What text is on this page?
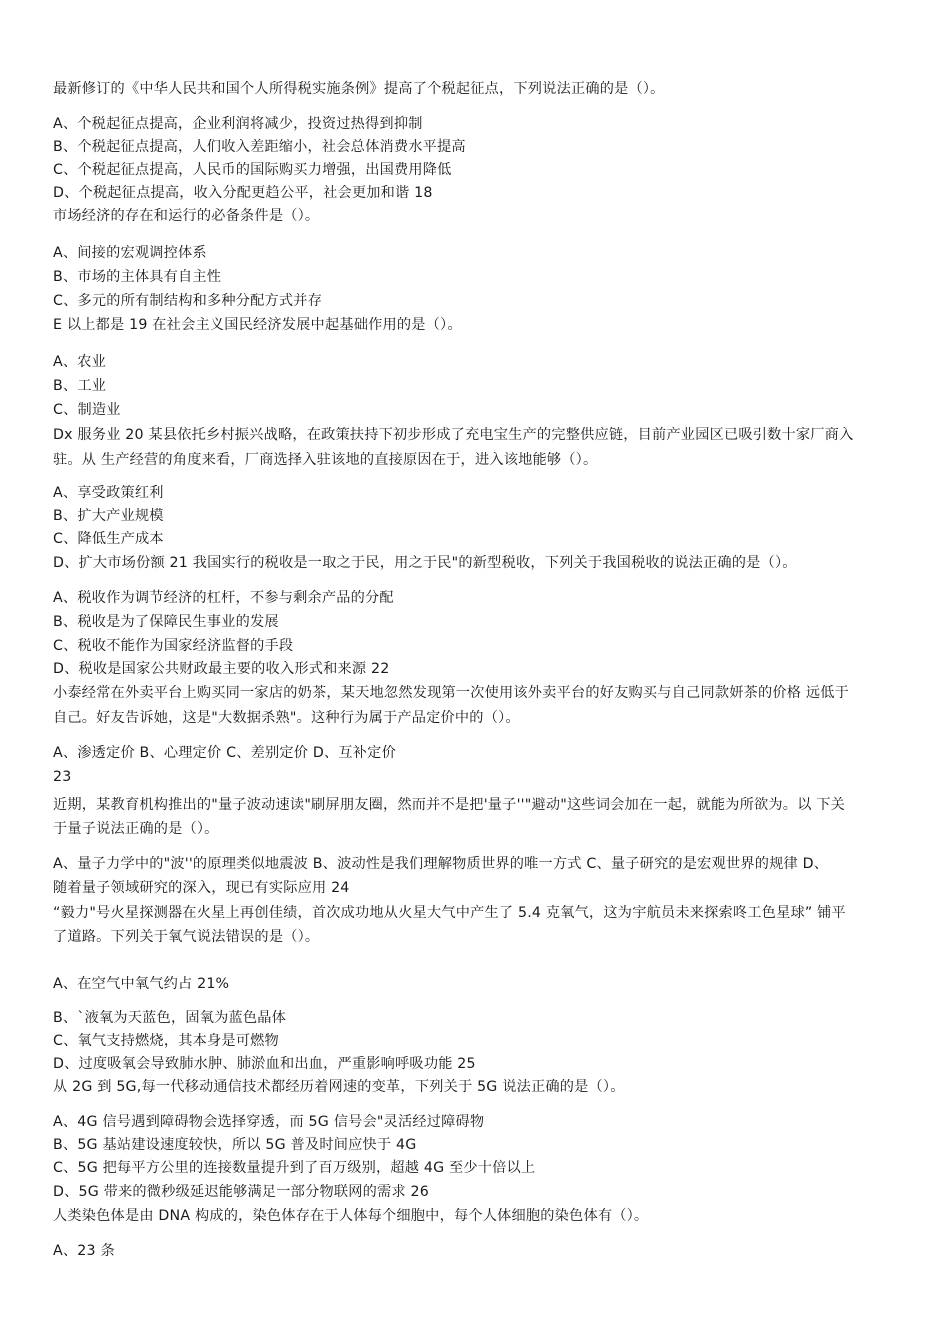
最新修订的《中华人民共和国个人所得税实施条例》提高了个税起征点，下列说法正确的是（）。
A、个税起征点提高，企业利润将减少，投资过热得到抑制
B、个税起征点提高，人们收入差距缩小，社会总体消费水平提高
C、个税起征点提高，人民币的国际购买力增强，出国费用降低
D、个税起征点提高，收入分配更趋公平，社会更加和谐 18
市场经济的存在和运行的必备条件是（）。
A、间接的宏观调控体系
B、市场的主体具有自主性
C、多元的所有制结构和多种分配方式并存
E 以上都是 19 在社会主义国民经济发展中起基础作用的是（）。
A、农业
B、工业
C、制造业
Dx 服务业 20 某县依托乡村振兴战略，在政策扶持下初步形成了充电宝生产的完整供应链，目前产业园区已吸引数十家厂商入
驻。从 生产经营的角度来看，厂商选择入驻该地的直接原因在于，进入该地能够（）。
A、享受政策红利
B、扩大产业规模
C、降低生产成本
D、扩大市场份额 21 我国实行的税收是一取之于民，用之于民"的新型税收，下列关于我国税收的说法正确的是（）。
A、税收作为调节经济的杠杆，不参与剩余产品的分配
B、税收是为了保障民生事业的发展
C、税收不能作为国家经济监督的手段
D、税收是国家公共财政最主要的收入形式和来源 22
小泰经常在外卖平台上购买同一家店的奶茶，某天地忽然发现第一次使用该外卖平台的好友购买与自己同款妍茶的价格 远低于
自己。好友告诉她，这是"大数据杀熟"。这种行为属于产品定价中的（）。
A、渗透定价 B、心理定价 C、差别定价 D、互补定价
23
近期，某教育机构推出的"量子波动速读"刷屏朋友圈，然而并不是把'量子''"避动"这些词会加在一起，就能为所欲为。以 下关
于量子说法正确的是（）。
A、量子力学中的"波''的原理类似地震波 B、波动性是我们理解物质世界的唯一方式 C、量子研究的是宏观世界的规律 D、
随着量子领域研究的深入，现已有实际应用 24
“毅力"号火星探测器在火星上再创佳绩，首次成功地从火星大气中产生了 5.4 克氧气，这为宇航员未来探索咚工色星球” 铺平
了道路。下列关于氧气说法错误的是（）。
A、在空气中氧气约占 21%
B、`液氧为天蓝色，固氧为蓝色晶体
C、氧气支持燃烧，其本身是可燃物
D、过度吸氧会导致肺水肿、肺淤血和出血，严重影响呼吸功能 25
从 2G 到 5G,每一代移动通信技术都经历着网速的变革，下列关于 5G 说法正确的是（）。
A、4G 信号遇到障碍物会选择穿透，而 5G 信号会"灵活经过障碍物
B、5G 基站建设速度较快，所以 5G 普及时间应快于 4G
C、5G 把每平方公里的连接数量提升到了百万级别，超越 4G 至少十倍以上
D、5G 带来的微秒级延迟能够满足一部分物联网的需求 26
人类染色体是由 DNA 构成的，染色体存在于人体每个细胞中，每个人体细胞的染色体有（）。
A、23 条
